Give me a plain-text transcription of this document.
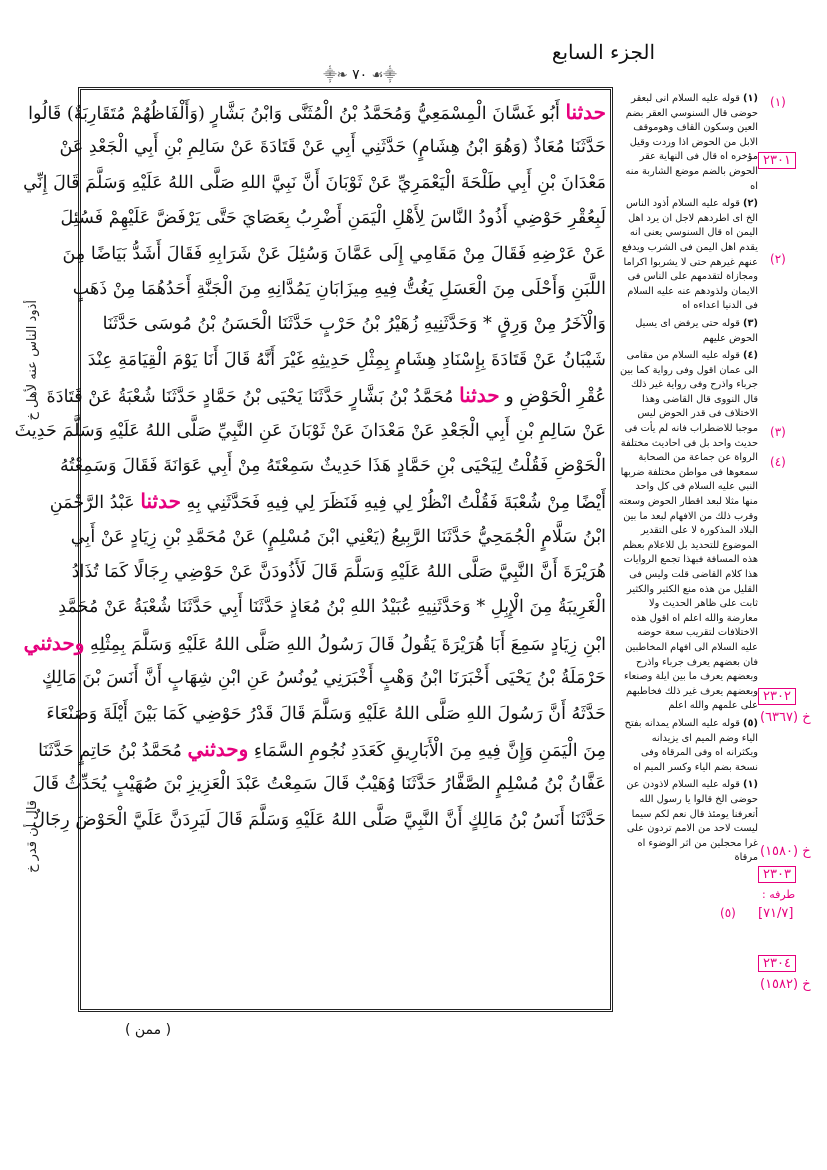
الجزء السابع
⸎❧ ٧٠ ☙⸎
أذود الناس عنه لأهل خ
قال أن قدر خ
حدثنا أَبُو غَسَّانَ الْمِسْمَعِيُّ وَمُحَمَّدُ بْنُ الْمُثَنَّى وَابْنُ بَشَّارٍ (وَأَلْفَاظُهُمْ مُتَقَارِبَةٌ) قَالُوا
حَدَّثَنَا مُعَاذٌ (وَهُوَ ابْنُ هِشَامٍ) حَدَّثَنِي أَبِي عَنْ قَتَادَةَ عَنْ سَالِمِ بْنِ أَبِي الْجَعْدِ عَنْ
مَعْدَانَ بْنِ أَبِي طَلْحَةَ الْيَعْمَرِيِّ عَنْ ثَوْبَانَ أَنَّ نَبِيَّ اللهِ صَلَّى اللهُ عَلَيْهِ وَسَلَّمَ قَالَ إِنِّي
لَبِعُقْرِ حَوْضِي أَذُودُ النَّاسَ لِأَهْلِ الْيَمَنِ أَضْرِبُ بِعَصَايَ حَتَّى يَرْفَضَّ عَلَيْهِمْ فَسُئِلَ
عَنْ عَرْضِهِ فَقَالَ مِنْ مَقَامِي إِلَى عَمَّانَ وَسُئِلَ عَنْ شَرَابِهِ فَقَالَ أَشَدُّ بَيَاضًا مِنَ
اللَّبَنِ وَأَحْلَى مِنَ الْعَسَلِ يَغُتُّ فِيهِ مِيزَابَانِ يَمُدَّانِهِ مِنَ الْجَنَّةِ أَحَدُهُمَا مِنْ ذَهَبٍ
وَالْآخَرُ مِنْ وَرِقٍ * وَحَدَّثَنِيهِ زُهَيْرُ بْنُ حَرْبٍ حَدَّثَنَا الْحَسَنُ بْنُ مُوسَى حَدَّثَنَا
شَيْبَانُ عَنْ قَتَادَةَ بِإِسْنَادِ هِشَامٍ بِمِثْلِ حَدِيثِهِ غَيْرَ أَنَّهُ قَالَ أَنَا يَوْمَ الْقِيَامَةِ عِنْدَ
عُقْرِ الْحَوْضِ و حدثنا مُحَمَّدُ بْنُ بَشَّارٍ حَدَّثَنَا يَحْيَى بْنُ حَمَّادٍ حَدَّثَنَا شُعْبَةُ عَنْ قَتَادَةَ
عَنْ سَالِمِ بْنِ أَبِي الْجَعْدِ عَنْ مَعْدَانَ عَنْ ثَوْبَانَ عَنِ النَّبِيِّ صَلَّى اللهُ عَلَيْهِ وَسَلَّمَ حَدِيثَ
الْحَوْضِ فَقُلْتُ لِيَحْيَى بْنِ حَمَّادٍ هَذَا حَدِيثٌ سَمِعْتَهُ مِنْ أَبِي عَوَانَةَ فَقَالَ وَسَمِعْتُهُ
أَيْضًا مِنْ شُعْبَةَ فَقُلْتُ انْظُرْ لِي فِيهِ فَنَظَرَ لِي فِيهِ فَحَدَّثَنِي بِهِ حدثنا عَبْدُ الرَّحْمَنِ
ابْنُ سَلَّامٍ الْجُمَحِيُّ حَدَّثَنَا الرَّبِيعُ (يَعْنِي ابْنَ مُسْلِمٍ) عَنْ مُحَمَّدِ بْنِ زِيَادٍ عَنْ أَبِي
هُرَيْرَةَ أَنَّ النَّبِيَّ صَلَّى اللهُ عَلَيْهِ وَسَلَّمَ قَالَ لَأَذُودَنَّ عَنْ حَوْضِي رِجَالًا كَمَا تُذَادُ
الْغَرِيبَةُ مِنَ الْإِبِلِ * وَحَدَّثَنِيهِ عُبَيْدُ اللهِ بْنُ مُعَاذٍ حَدَّثَنَا أَبِي حَدَّثَنَا شُعْبَةُ عَنْ مُحَمَّدِ
ابْنِ زِيَادٍ سَمِعَ أَبَا هُرَيْرَةَ يَقُولُ قَالَ رَسُولُ اللهِ صَلَّى اللهُ عَلَيْهِ وَسَلَّمَ بِمِثْلِهِ وحدثني
حَرْمَلَةُ بْنُ يَحْيَى أَخْبَرَنَا ابْنُ وَهْبٍ أَخْبَرَنِي يُونُسُ عَنِ ابْنِ شِهَابٍ أَنَّ أَنَسَ بْنَ مَالِكٍ
حَدَّثَهُ أَنَّ رَسُولَ اللهِ صَلَّى اللهُ عَلَيْهِ وَسَلَّمَ قَالَ قَدْرُ حَوْضِي كَمَا بَيْنَ أَيْلَةَ وَصَنْعَاءَ
مِنَ الْيَمَنِ وَإِنَّ فِيهِ مِنَ الْأَبَارِيقِ كَعَدَدِ نُجُومِ السَّمَاءِ وحدثني مُحَمَّدُ بْنُ حَاتِمٍ حَدَّثَنَا
عَفَّانُ بْنُ مُسْلِمٍ الصَّفَّارُ حَدَّثَنَا وُهَيْبٌ قَالَ سَمِعْتُ عَبْدَ الْعَزِيزِ بْنَ صُهَيْبٍ يُحَدِّثُ قَالَ
حَدَّثَنَا أَنَسُ بْنُ مَالِكٍ أَنَّ النَّبِيَّ صَلَّى اللهُ عَلَيْهِ وَسَلَّمَ قَالَ لَيَرِدَنَّ عَلَيَّ الْحَوْضَ رِجَالٌ
(١) قوله عليه السلام انى لبعقر حوضى قال السنوسي العقر بضم العين وسكون القاف وهوموقف الابل من الحوض اذا وردت وقيل مؤخره اه قال فى النهاية عقر الحوض بالضم موضع الشاربة منه اه
(٢) قوله عليه السلام أذود الناس الخ اى اطردهم لاجل ان يرد اهل اليمن اه قال السنوسي يعنى انه يقدم اهل اليمن فى الشرب ويدفع عنهم غيرهم حتى لا يشربوا اكراما ومجازاة لتقدمهم على الناس فى الايمان ولذودهم عنه عليه السلام فى الدنيا اعداءه اه
(٣) قوله حتى يرفض اى يسيل الحوض عليهم
(٤) قوله عليه السلام من مقامى الى عمان اقول وفى رواية كما بين جرباء واذرح وفى رواية غير ذلك قال النووى قال القاضى وهذا الاختلاف فى قدر الحوض ليس موجبا للاضطراب فانه لم يأت فى حديث واحد بل فى احاديث مختلفة الرواة عن جماعة من الصحابة سمعوها فى مواطن مختلفة ضربها النبي عليه السلام فى كل واحد منها مثلا لبعد اقطار الحوض وسعته وقرب ذلك من الافهام لبعد ما بين البلاد المذكورة لا على التقدير الموضوع للتحديد بل للاعلام بعظم هذه المسافة فبهذا تجمع الروايات هذا كلام القاضى قلت وليس فى القليل من هذه منع الكثير والكثير ثابت على ظاهر الحديث ولا معارضة والله اعلم اه اقول هذه الاختلافات لتقريب سعة حوضه عليه السلام الى افهام المخاطبين فان بعضهم يعرف جرباء واذرح وبعضهم يعرف ما بين ايلة وصنعاء وبعضهم يعرف غير ذلك فخاطبهم على علمهم والله اعلم
(٥) قوله عليه السلام يمدانه بفتح الياء وضم الميم اى يزيدانه ويكثرانه اه وفى المرقاة وفى نسخة بضم الياء وكسر الميم اه
(١) قوله عليه السلام لاذودن عن حوضى الخ قالوا يا رسول الله أتعرفنا يومئذ قال نعم لكم سيما ليست لاحد من الامم تردون على غرا محجلين من اثر الوضوء اه مرقاة
٢٣٠١
٢٣٠٢
خ (٦٣٦٧)
خ (١٥٨٠)
٢٣٠٣
طرفه :
[٧١/٧]
٢٣٠٤
خ (١٥٨٢)
(١)
(٢)
(٣)
(٤)
(٥)
( ممن )
